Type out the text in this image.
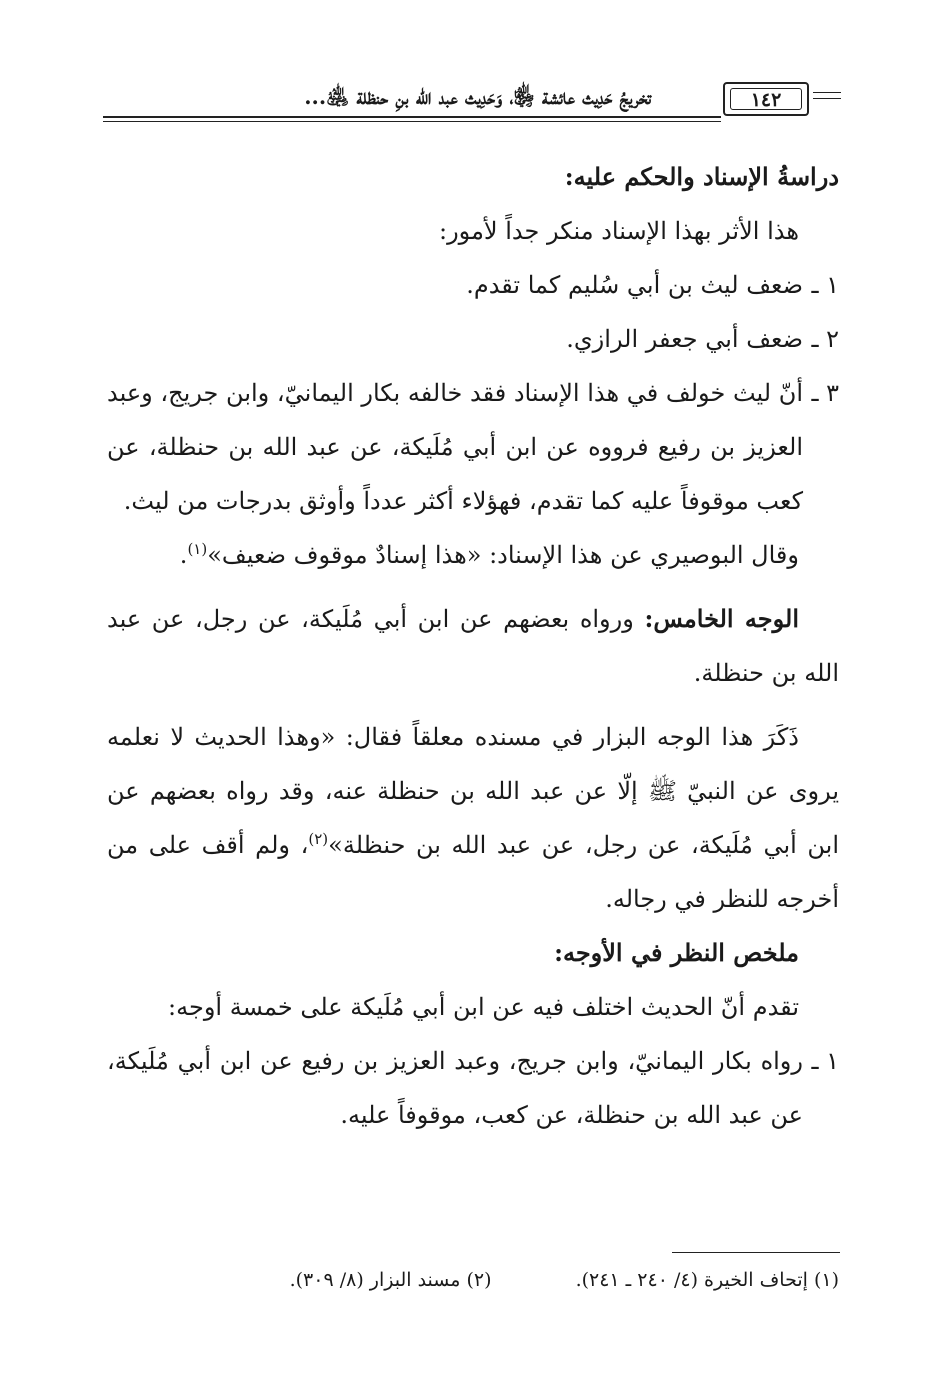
تخريجُ حَدِيث عائشة ﵂، وَحَدِيث عبد الله بنِ حنظلة ﵁...	١٤٢

دراسةُ الإسناد والحكم عليه:

هذا الأثر بهذا الإسناد منكر جداً لأمور:

١ ـ
ضعف ليث بن أبي سُليم كما تقدم.
٢ ـ
ضعف أبي جعفر الرازي.
٣ ـ
أنّ ليث خولف في هذا الإسناد فقد خالفه بكار اليمانيّ، وابن جريج، وعبد العزيز بن رفيع فرووه عن ابن أبي مُلَيكة، عن عبد الله بن حنظلة، عن كعب موقوفاً عليه كما تقدم، فهؤلاء أكثر عدداً وأوثق بدرجات من ليث.

وقال البوصيري عن هذا الإسناد: «هذا إسنادٌ موقوف ضعيف»$^{(١)}$.

الوجه الخامس: ورواه بعضهم عن ابن أبي مُلَيكة، عن رجل، عن عبد الله بن حنظلة.

ذَكَرَ هذا الوجه البزار في مسنده معلقاً فقال: «وهذا الحديث لا نعلمه يروى عن النبيّ ﷺ إلّا عن عبد الله بن حنظلة عنه، وقد رواه بعضهم عن ابن أبي مُلَيكة، عن رجل، عن عبد الله بن حنظلة»$^{(٢)}$، ولم أقف على من أخرجه للنظر في رجاله.

ملخص النظر في الأوجه:

تقدم أنّ الحديث اختلف فيه عن ابن أبي مُلَيكة على خمسة أوجه:

١ ـ
رواه بكار اليمانيّ، وابن جريج، وعبد العزيز بن رفيع عن ابن أبي مُلَيكة، عن عبد الله بن حنظلة، عن كعب، موقوفاً عليه.
(١) إتحاف الخيرة (٤/ ٢٤٠ ـ ٢٤١). (٢) مسند البزار (٨/ ٣٠٩).
